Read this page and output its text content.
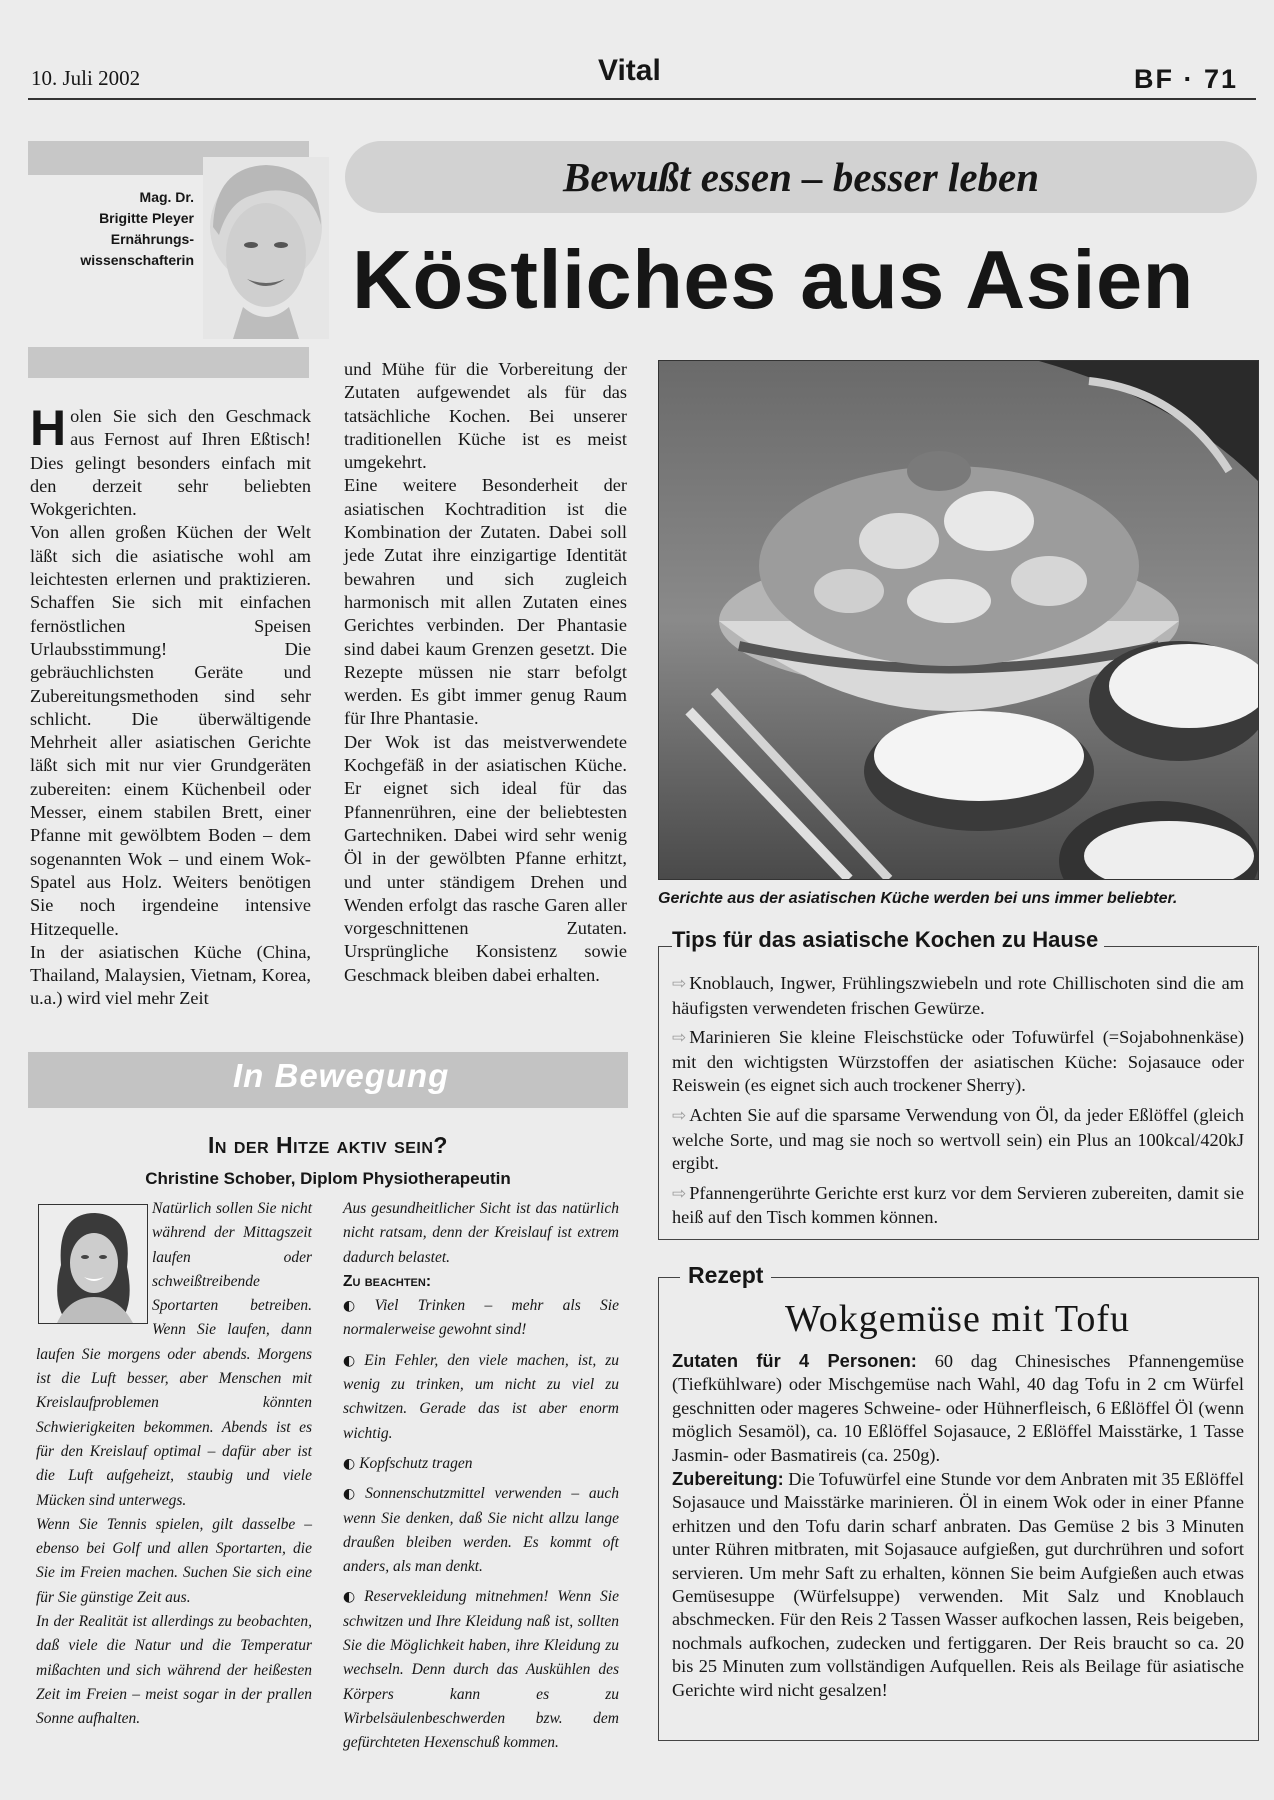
10. Juli 2002	Vital	BF · 71
Mag. Dr.
Brigitte Pleyer
Ernährungs-
wissenschafterin
Bewußt essen – besser leben
Köstliches aus Asien

Holen Sie sich den Geschmack aus Fernost auf Ihren Eßtisch! Dies gelingt besonders einfach mit den derzeit sehr beliebten Wokgerichten.

Von allen großen Küchen der Welt läßt sich die asiatische wohl am leichtesten erlernen und praktizieren. Schaffen Sie sich mit einfachen fernöstlichen Speisen Urlaubsstimmung! Die gebräuchlichsten Geräte und Zubereitungsmethoden sind sehr schlicht. Die überwältigende Mehrheit aller asiatischen Gerichte läßt sich mit nur vier Grundgeräten zubereiten: einem Küchenbeil oder Messer, einem stabilen Brett, einer Pfanne mit gewölbtem Boden – dem sogenannten Wok – und einem Wok-Spatel aus Holz. Weiters benötigen Sie noch irgendeine intensive Hitzequelle.

In der asiatischen Küche (China, Thailand, Malaysien, Vietnam, Korea, u.a.) wird viel mehr Zeit

und Mühe für die Vorbereitung der Zutaten aufgewendet als für das tatsächliche Kochen. Bei unserer traditionellen Küche ist es meist umgekehrt.

Eine weitere Besonderheit der asiatischen Kochtradition ist die Kombination der Zutaten. Dabei soll jede Zutat ihre einzigartige Identität bewahren und sich zugleich harmonisch mit allen Zutaten eines Gerichtes verbinden. Der Phantasie sind dabei kaum Grenzen gesetzt. Die Rezepte müssen nie starr befolgt werden. Es gibt immer genug Raum für Ihre Phantasie.

Der Wok ist das meistverwendete Kochgefäß in der asiatischen Küche. Er eignet sich ideal für das Pfannenrühren, eine der beliebtesten Gartechniken. Dabei wird sehr wenig Öl in der gewölbten Pfanne erhitzt, und unter ständigem Drehen und Wenden erfolgt das rasche Garen aller vorgeschnittenen Zutaten. Ursprüngliche Konsistenz sowie Geschmack bleiben dabei erhalten.

Gerichte aus der asiatischen Küche werden bei uns immer beliebter.
Tips für das asiatische Kochen zu Hause
⇨ Knoblauch, Ingwer, Frühlingszwiebeln und rote Chillischoten sind die am häufigsten verwendeten frischen Gewürze.
⇨ Marinieren Sie kleine Fleischstücke oder Tofuwürfel (=Sojabohnenkäse) mit den wichtigsten Würzstoffen der asiatischen Küche: Sojasauce oder Reiswein (es eignet sich auch trockener Sherry).
⇨ Achten Sie auf die sparsame Verwendung von Öl, da jeder Eßlöffel (gleich welche Sorte, und mag sie noch so wertvoll sein) ein Plus an 100kcal/420kJ ergibt.
⇨ Pfannengerührte Gerichte erst kurz vor dem Servieren zubereiten, damit sie heiß auf den Tisch kommen können.
Rezept
Wokgemüse mit Tofu

Zutaten für 4 Personen: 60 dag Chinesisches Pfannengemüse (Tiefkühlware) oder Mischgemüse nach Wahl, 40 dag Tofu in 2 cm Würfel geschnitten oder mageres Schweine- oder Hühnerfleisch, 6 Eßlöffel Öl (wenn möglich Sesamöl), ca. 10 Eßlöffel Sojasauce, 2 Eßlöffel Maisstärke, 1 Tasse Jasmin- oder Basmatireis (ca. 250g).

Zubereitung: Die Tofuwürfel eine Stunde vor dem Anbraten mit 35 Eßlöffel Sojasauce und Maisstärke marinieren. Öl in einem Wok oder in einer Pfanne erhitzen und den Tofu darin scharf anbraten. Das Gemüse 2 bis 3 Minuten unter Rühren mitbraten, mit Sojasauce aufgießen, gut durchrühren und sofort servieren. Um mehr Saft zu erhalten, können Sie beim Aufgießen auch etwas Gemüsesuppe (Würfelsuppe) verwenden. Mit Salz und Knoblauch abschmecken. Für den Reis 2 Tassen Wasser aufkochen lassen, Reis beigeben, nochmals aufkochen, zudecken und fertiggaren. Der Reis braucht so ca. 20 bis 25 Minuten zum vollständigen Aufquellen. Reis als Beilage für asiatische Gerichte wird nicht gesalzen!

In Bewegung
In der Hitze aktiv sein?
Christine Schober, Diplom Physiotherapeutin

Natürlich sollen Sie nicht während der Mittagszeit laufen oder schweißtreibende Sportarten betreiben. Wenn Sie laufen, dann laufen Sie morgens oder abends. Morgens ist die Luft besser, aber Menschen mit Kreislaufproblemen könnten Schwierigkeiten bekommen. Abends ist es für den Kreislauf optimal – dafür aber ist die Luft aufgeheizt, staubig und viele Mücken sind unterwegs.

Wenn Sie Tennis spielen, gilt dasselbe – ebenso bei Golf und allen Sportarten, die Sie im Freien machen. Suchen Sie sich eine für Sie günstige Zeit aus.

In der Realität ist allerdings zu beobachten, daß viele die Natur und die Temperatur mißachten und sich während der heißesten Zeit im Freien – meist sogar in der prallen Sonne aufhalten.

Aus gesundheitlicher Sicht ist das natürlich nicht ratsam, denn der Kreislauf ist extrem dadurch belastet.

Zu beachten:
◐ Viel Trinken – mehr als Sie normalerweise gewohnt sind!
◐ Ein Fehler, den viele machen, ist, zu wenig zu trinken, um nicht zu viel zu schwitzen. Gerade das ist aber enorm wichtig.
◐ Kopfschutz tragen
◐ Sonnenschutzmittel verwenden – auch wenn Sie denken, daß Sie nicht allzu lange draußen bleiben werden. Es kommt oft anders, als man denkt.
◐ Reservekleidung mitnehmen! Wenn Sie schwitzen und Ihre Kleidung naß ist, sollten Sie die Möglichkeit haben, ihre Kleidung zu wechseln. Denn durch das Auskühlen des Körpers kann es zu Wirbelsäulenbeschwerden bzw. dem gefürchteten Hexenschuß kommen.
